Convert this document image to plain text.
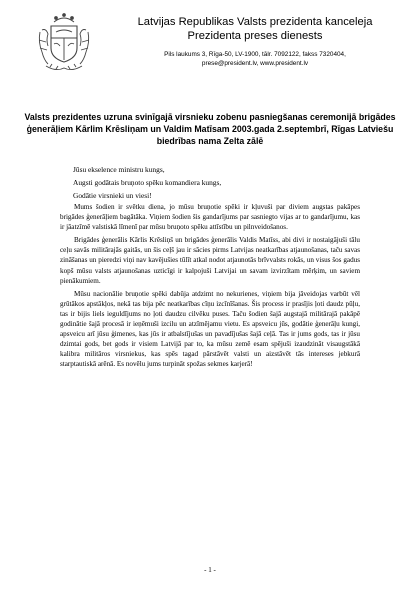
Latvijas Republikas Valsts prezidenta kanceleja
Prezidenta preses dienests
Pils laukums 3, Rīga-50, LV-1900, tālr. 7092122, fakss 7320404,
prese@president.lv, www.president.lv
Valsts prezidentes uzruna svinīgajā virsnieku zobenu pasniegšanas ceremonijā brigādes ģenerāļiem Kārlim Krēsliņam un Valdim Matīsam 2003.gada 2.septembrī, Rīgas Latviešu biedrības nama Zelta zālē
Jūsu ekselence ministru kungs,
Augsti godātais bruņoto spēku komandiera kungs,
Godātie virsnieki un viesi!

Mums šodien ir svētku diena, jo mūsu bruņotie spēki ir kļuvuši par diviem augstas pakāpes brigādes ģenerāļiem bagātāka. Viņiem šodien šis gandarījums par sasniegto vijas ar to gandarījumu, kas ir jāatzīmē valstiskā līmenī par mūsu bruņoto spēku attīstību un pilnveidošanos.

Brigādes ģenerālis Kārlis Krēsliņš un brigādes ģenerālis Valdis Matīss, abi divi ir nostaigājuši tālu ceļu savās militārajās gaitās, un šis ceļš jau ir sācies pirms Latvijas neatkarības atjaunošanas, taču savas zināšanas un pieredzi viņi nav kavējušies tūlīt atkal nodot atjaunotās brīvvalsts rokās, un visus šos gadus kopš mūsu valsts atjaunošanas uzticīgi ir kalpojuši Latvijai un savam izvirzītam mērķim, un saviem pienākumiem.

Mūsu nacionālie bruņotie spēki dabūja atdzimt no nekurienes, viņiem bija jāveidojas varbūt vēl grūtākos apstākļos, nekā tas bija pēc neatkarības cīņu izcīnīšanas. Šis process ir prasījis ļoti daudz pūļu, tas ir bijis liels ieguldījums no ļoti daudzu cilvēku puses. Taču šodien šajā augstajā militārajā pakāpē godinātie šajā procesā ir ieņēmuši izcilu un atzīmējamu vietu. Es apsveicu jūs, godātie ģenerāļu kungi, apsveicu arī jūsu ģimenes, kas jūs ir atbalstījušas un pavadījušas šajā ceļā. Tas ir jums gods, tas ir jūsu dzimtai gods, bet gods ir visiem Latvijā par to, ka mūsu zemē esam spējuši izaudzināt visaugstākā kalibra militāros virsniekus, kas spēs tagad pārstāvēt valsti un aizstāvēt tās intereses jebkurā starptautiskā arēnā. Es novēlu jums turpināt spožas sekmes karjerā!

- 1 -
